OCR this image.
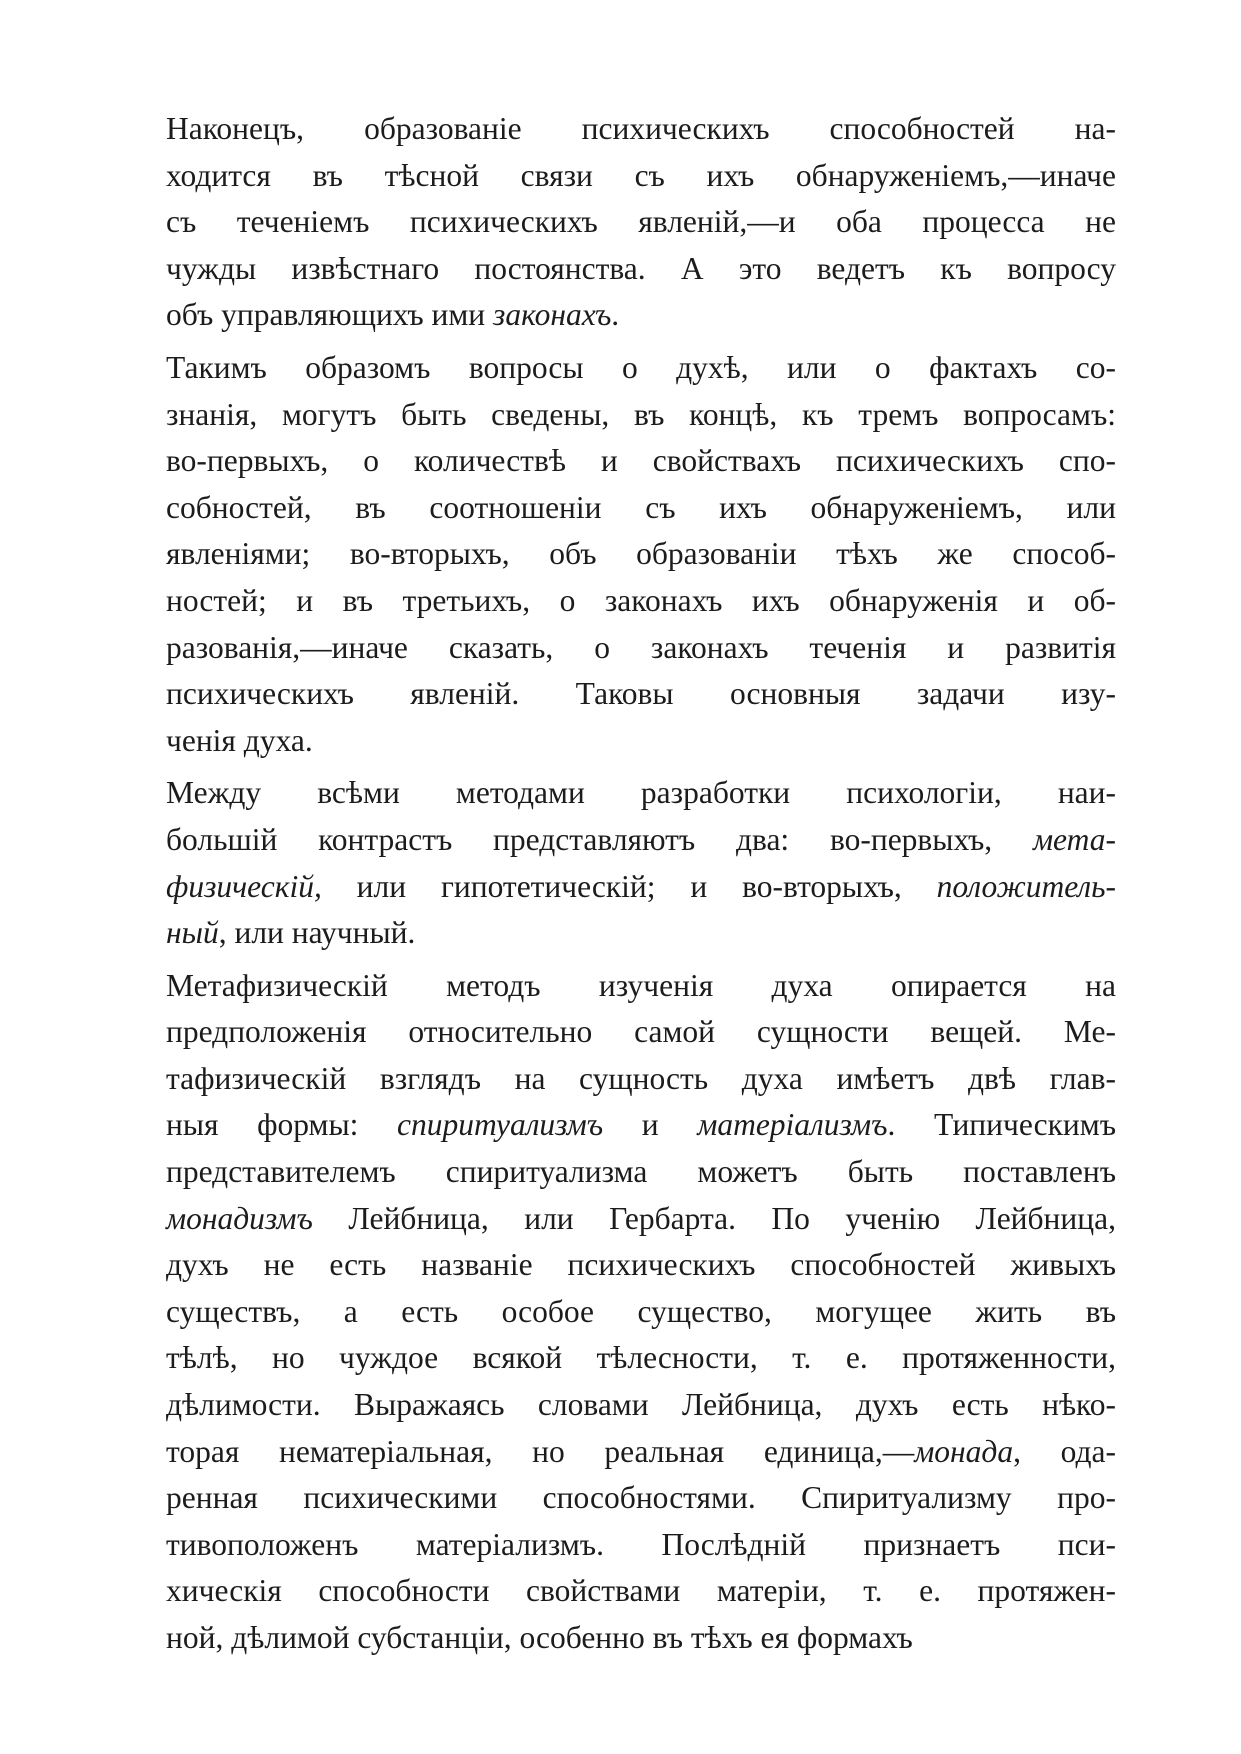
Наконецъ, образованіе психическихъ способностей на-
ходится въ тѣсной связи съ ихъ обнаруженіемъ,—иначе
съ теченіемъ психическихъ явленій,—и оба процесса не
чужды извѣстнаго постоянства. А это ведетъ къ вопросу
объ управляющихъ ими законахъ.
Такимъ образомъ вопросы о духѣ, или о фактахъ со-
знанія, могутъ быть сведены, въ концѣ, къ тремъ вопросамъ:
во-первыхъ, о количествѣ и свойствахъ психическихъ спо-
собностей, въ соотношеніи съ ихъ обнаруженіемъ, или
явленіями; во-вторыхъ, объ образованіи тѣхъ же способ-
ностей; и въ третьихъ, о законахъ ихъ обнаруженія и об-
разованія,—иначе сказать, о законахъ теченія и развитія
психическихъ явленій. Таковы основныя задачи изу-
ченія духа.
Между всѣми методами разработки психологіи, наи-
большій контрастъ представляютъ два: во-первыхъ, мета-
физическій, или гипотетическій; и во-вторыхъ, положитель-
ный, или научный.
Метафизическій методъ изученія духа опирается на
предположенія относительно самой сущности вещей. Ме-
тафизическій взглядъ на сущность духа имѣетъ двѣ глав-
ныя формы: спиритуализмъ и матеріализмъ. Типическимъ
представителемъ спиритуализма можетъ быть поставленъ
монадизмъ Лейбница, или Гербарта. По ученію Лейбница,
духъ не есть названіе психическихъ способностей живыхъ
существъ, а есть особое существо, могущее жить въ
тѣлѣ, но чуждое всякой тѣлесности, т. е. протяженности,
дѣлимости. Выражаясь словами Лейбница, духъ есть нѣко-
торая нематеріальная, но реальная единица,—монада, ода-
ренная психическими способностями. Спиритуализму про-
тивоположенъ матеріализмъ. Послѣдній признаетъ пси-
хическія способности свойствами матеріи, т. е. протяжен-
ной, дѣлимой субстанціи, особенно въ тѣхъ ея формахъ
